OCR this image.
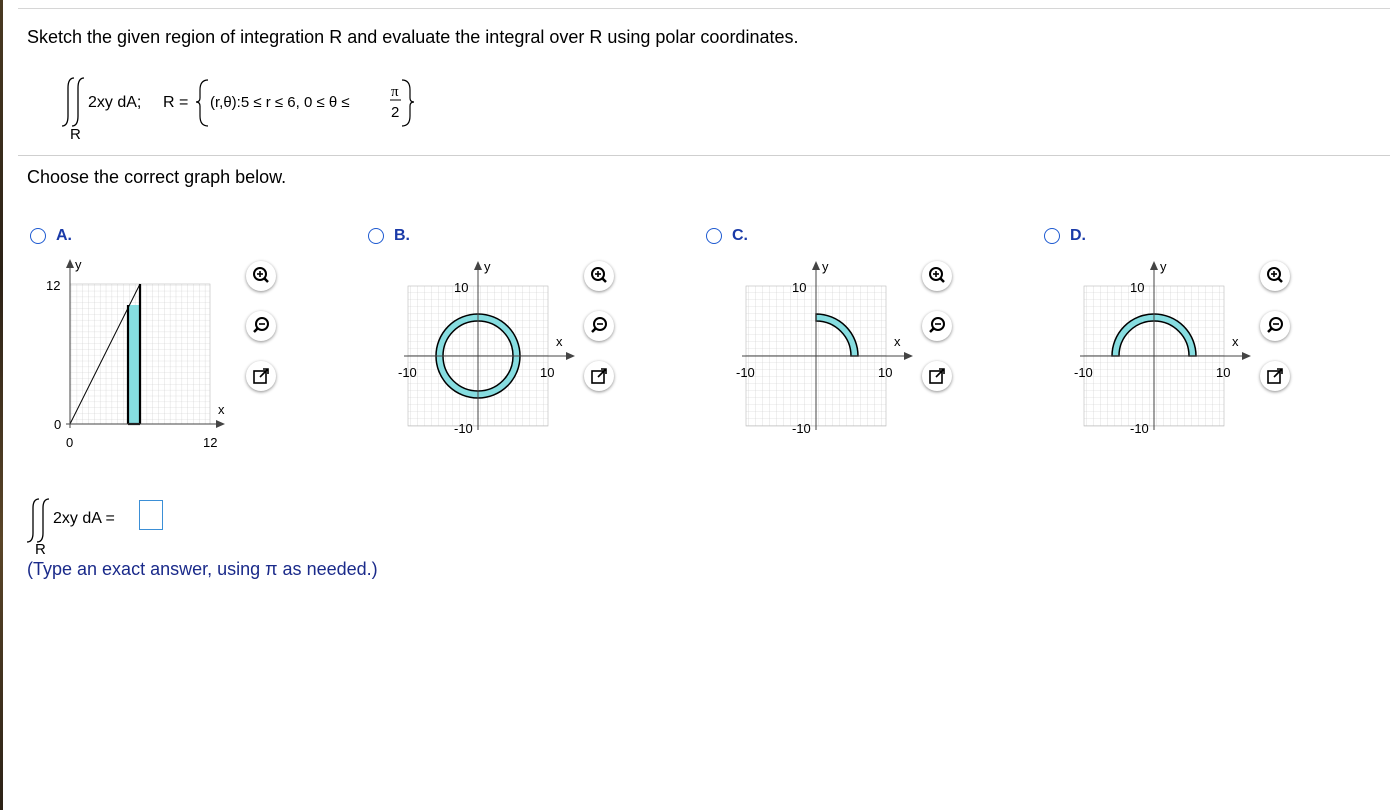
Sketch the given region of integration R and evaluate the integral over R using polar coordinates.
2xy dA;
R
R = (r,θ):5 ≤ r ≤ 6, 0 ≤ θ ≤
π
2
Choose the correct graph below.
A.
y
12
0
0
x
12
B.
y
10
-10
-10	10
x
C.
y
10
-10
-10	10
x
D.
y
10
-10
-10	10
x
2xy dA =
R
(Type an exact answer, using π as needed.)
